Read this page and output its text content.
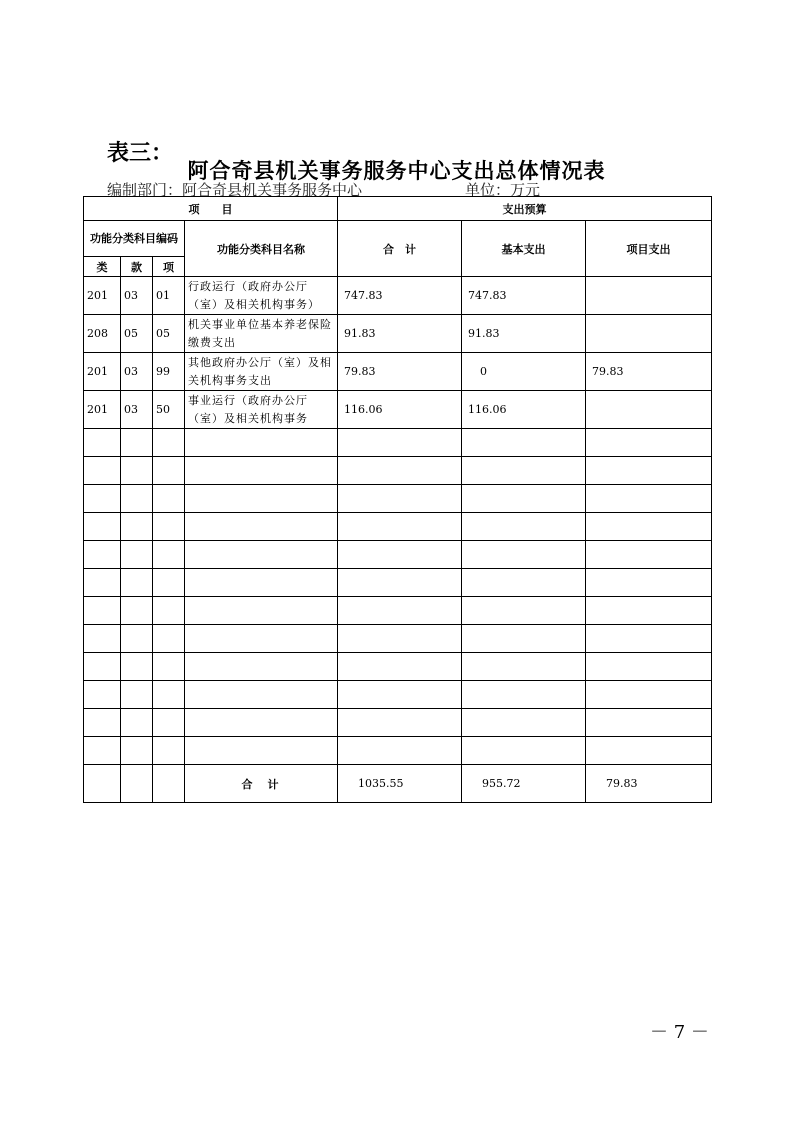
表三：
阿合奇县机关事务服务中心支出总体情况表
编制部门：阿合奇县机关事务服务中心	单位：万元
项　　目				支出预算		
功能分类科目编码			功能分类科目名称	合　计	基本支出	项目支出
类	款	项				
201	03	01	行政运行（政府办公厅（室）及相关机构事务）	747.83	747.83	
208	05	05	机关事业单位基本养老保险缴费支出	91.83	91.83	
201	03	99	其他政府办公厅（室）及相关机构事务支出	79.83	0	79.83
201	03	50	事业运行（政府办公厅（室）及相关机构事务	116.06	116.06	

			合　计	1035.55	955.72	79.83
－ 7 －
